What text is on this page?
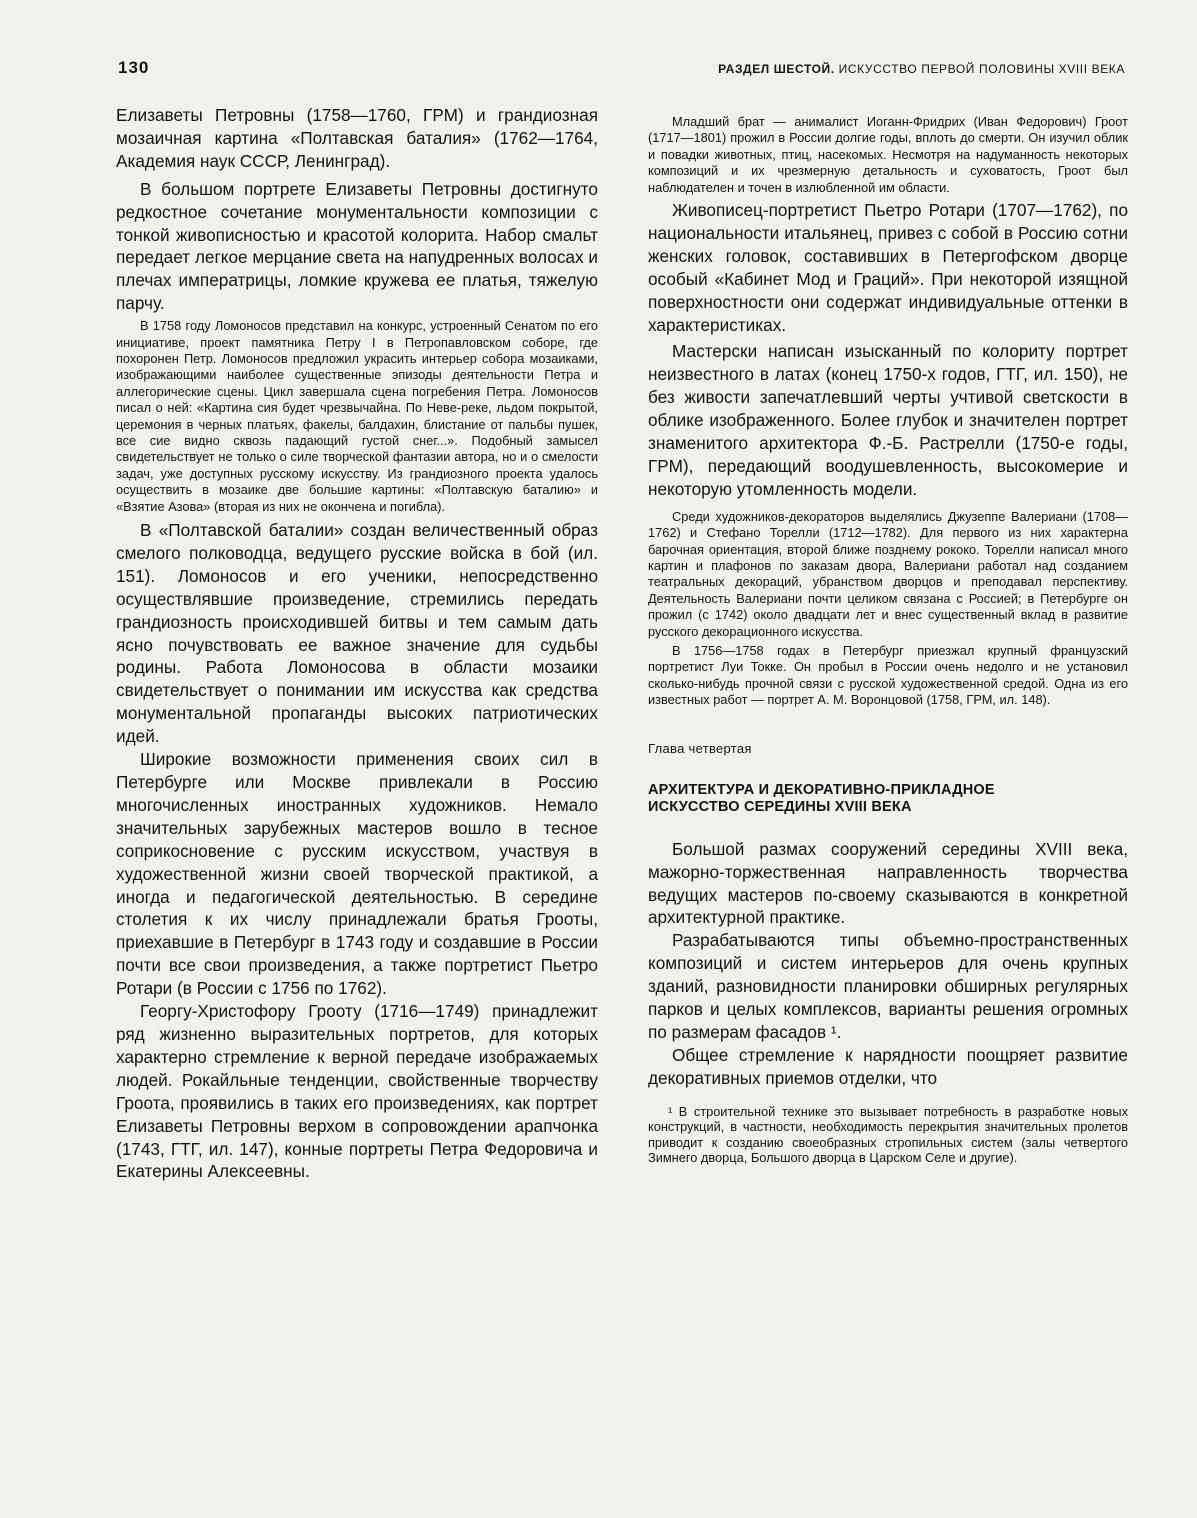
130	РАЗДЕЛ ШЕСТОЙ. ИСКУССТВО ПЕРВОЙ ПОЛОВИНЫ XVIII ВЕКА

Елизаветы Петровны (1758—1760, ГРМ) и грандиозная мозаичная картина «Полтавская баталия» (1762—1764, Академия наук СССР, Ленинград).

В большом портрете Елизаветы Петровны достигнуто редкостное сочетание монументальности композиции с тонкой живописностью и красотой колорита. Набор смальт передает легкое мерцание света на напудренных волосах и плечах императрицы, ломкие кружева ее платья, тяжелую парчу.

В 1758 году Ломоносов представил на конкурс, устроенный Сенатом по его инициативе, проект памятника Петру I в Петропавловском соборе, где похоронен Петр. Ломоносов предложил украсить интерьер собора мозаиками, изображающими наиболее существенные эпизоды деятельности Петра и аллегорические сцены. Цикл завершала сцена погребения Петра. Ломоносов писал о ней: «Картина сия будет чрезвычайна. По Неве-реке, льдом покрытой, церемония в черных платьях, факелы, балдахин, блистание от пальбы пушек, все сие видно сквозь падающий густой снег...». Подобный замысел свидетельствует не только о силе творческой фантазии автора, но и о смелости задач, уже доступных русскому искусству. Из грандиозного проекта удалось осуществить в мозаике две большие картины: «Полтавскую баталию» и «Взятие Азова» (вторая из них не окончена и погибла).

В «Полтавской баталии» создан величественный образ смелого полководца, ведущего русские войска в бой (ил. 151). Ломоносов и его ученики, непосредственно осуществлявшие произведение, стремились передать грандиозность происходившей битвы и тем самым дать ясно почувствовать ее важное значение для судьбы родины. Работа Ломоносова в области мозаики свидетельствует о понимании им искусства как средства монументальной пропаганды высоких патриотических идей.

Широкие возможности применения своих сил в Петербурге или Москве привлекали в Россию многочисленных иностранных художников. Немало значительных зарубежных мастеров вошло в тесное соприкосновение с русским искусством, участвуя в художественной жизни своей творческой практикой, а иногда и педагогической деятельностью. В середине столетия к их числу принадлежали братья Грооты, приехавшие в Петербург в 1743 году и создавшие в России почти все свои произведения, а также портретист Пьетро Ротари (в России с 1756 по 1762).

Георгу-Христофору Грооту (1716—1749) принадлежит ряд жизненно выразительных портретов, для которых характерно стремление к верной передаче изображаемых людей. Рокайльные тенденции, свойственные творчеству Гроота, проявились в таких его произведениях, как портрет Елизаветы Петровны верхом в сопровождении арапчонка (1743, ГТГ, ил. 147), конные портреты Петра Федоровича и Екатерины Алексеевны.

Младший брат — анималист Иоганн-Фридрих (Иван Федорович) Гроот (1717—1801) прожил в России долгие годы, вплоть до смерти. Он изучил облик и повадки животных, птиц, насекомых. Несмотря на надуманность некоторых композиций и их чрезмерную детальность и суховатость, Гроот был наблюдателен и точен в излюбленной им области.

Живописец-портретист Пьетро Ротари (1707—1762), по национальности итальянец, привез с собой в Россию сотни женских головок, составивших в Петергофском дворце особый «Кабинет Мод и Граций». При некоторой изящной поверхностности они содержат индивидуальные оттенки в характеристиках.

Мастерски написан изысканный по колориту портрет неизвестного в латах (конец 1750-х годов, ГТГ, ил. 150), не без живости запечатлевший черты учтивой светскости в облике изображенного. Более глубок и значителен портрет знаменитого архитектора Ф.-Б. Растрелли (1750-е годы, ГРМ), передающий воодушевленность, высокомерие и некоторую утомленность модели.

Среди художников-декораторов выделялись Джузеппе Валериани (1708—1762) и Стефано Торелли (1712—1782). Для первого из них характерна барочная ориентация, второй ближе позднему рококо. Торелли написал много картин и плафонов по заказам двора, Валериани работал над созданием театральных декораций, убранством дворцов и преподавал перспективу. Деятельность Валериани почти целиком связана с Россией; в Петербурге он прожил (с 1742) около двадцати лет и внес существенный вклад в развитие русского декорационного искусства.

В 1756—1758 годах в Петербург приезжал крупный французский портретист Луи Токке. Он пробыл в России очень недолго и не установил сколько-нибудь прочной связи с русской художественной средой. Одна из его известных работ — портрет А. М. Воронцовой (1758, ГРМ, ил. 148).

Глава четвертая
АРХИТЕКТУРА И ДЕКОРАТИВНО-ПРИКЛАДНОЕ
ИСКУССТВО СЕРЕДИНЫ XVIII ВЕКА

Большой размах сооружений середины XVIII века, мажорно-торжественная направленность творчества ведущих мастеров по-своему сказываются в конкретной архитектурной практике.

Разрабатываются типы объемно-пространственных композиций и систем интерьеров для очень крупных зданий, разновидности планировки обширных регулярных парков и целых комплексов, варианты решения огромных по размерам фасадов ¹.

Общее стремление к нарядности поощряет развитие декоративных приемов отделки, что

¹ В строительной технике это вызывает потребность в разработке новых конструкций, в частности, необходимость перекрытия значительных пролетов приводит к созданию своеобразных стропильных систем (залы четвертого Зимнего дворца, Большого дворца в Царском Селе и другие).
